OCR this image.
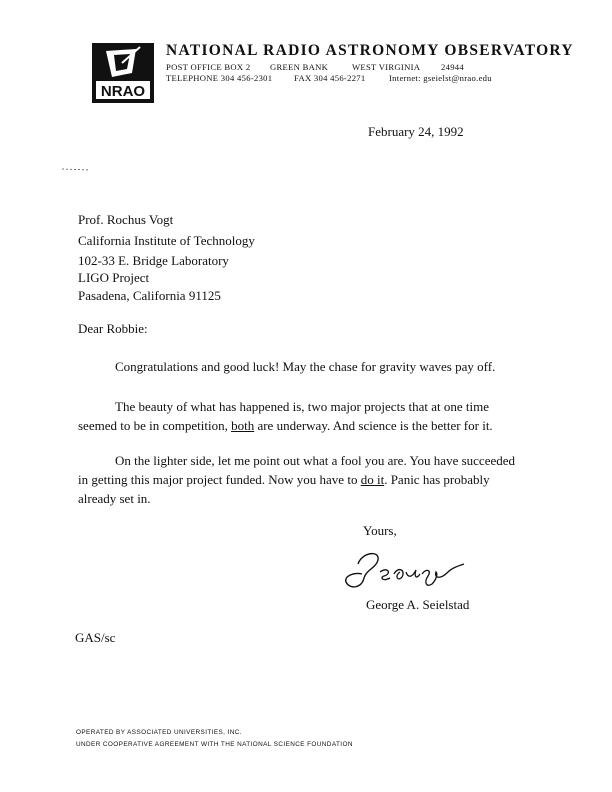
NRAO
NATIONAL RADIO ASTRONOMY OBSERVATORY
POST OFFICE BOX 2 GREEN BANK	WEST VIRGINIA 24944
TELEPHONE 304 456-2301	FAX 304 456-2271	Internet: gseielst@nrao.edu
February 24, 1992
Prof. Rochus Vogt
California Institute of Technology
102-33 E. Bridge Laboratory
LIGO Project
Pasadena, California 91125
Dear Robbie:
Congratulations and good luck! May the chase for gravity waves pay off.
The beauty of what has happened is, two major projects that at one time seemed to be in competition, both are underway. And science is the better for it.
On the lighter side, let me point out what a fool you are. You have succeeded in getting this major project funded. Now you have to do it. Panic has probably already set in.
Yours,
George A. Seielstad
GAS/sc
OPERATED BY ASSOCIATED UNIVERSITIES, INC.
UNDER COOPERATIVE AGREEMENT WITH THE NATIONAL SCIENCE FOUNDATION
